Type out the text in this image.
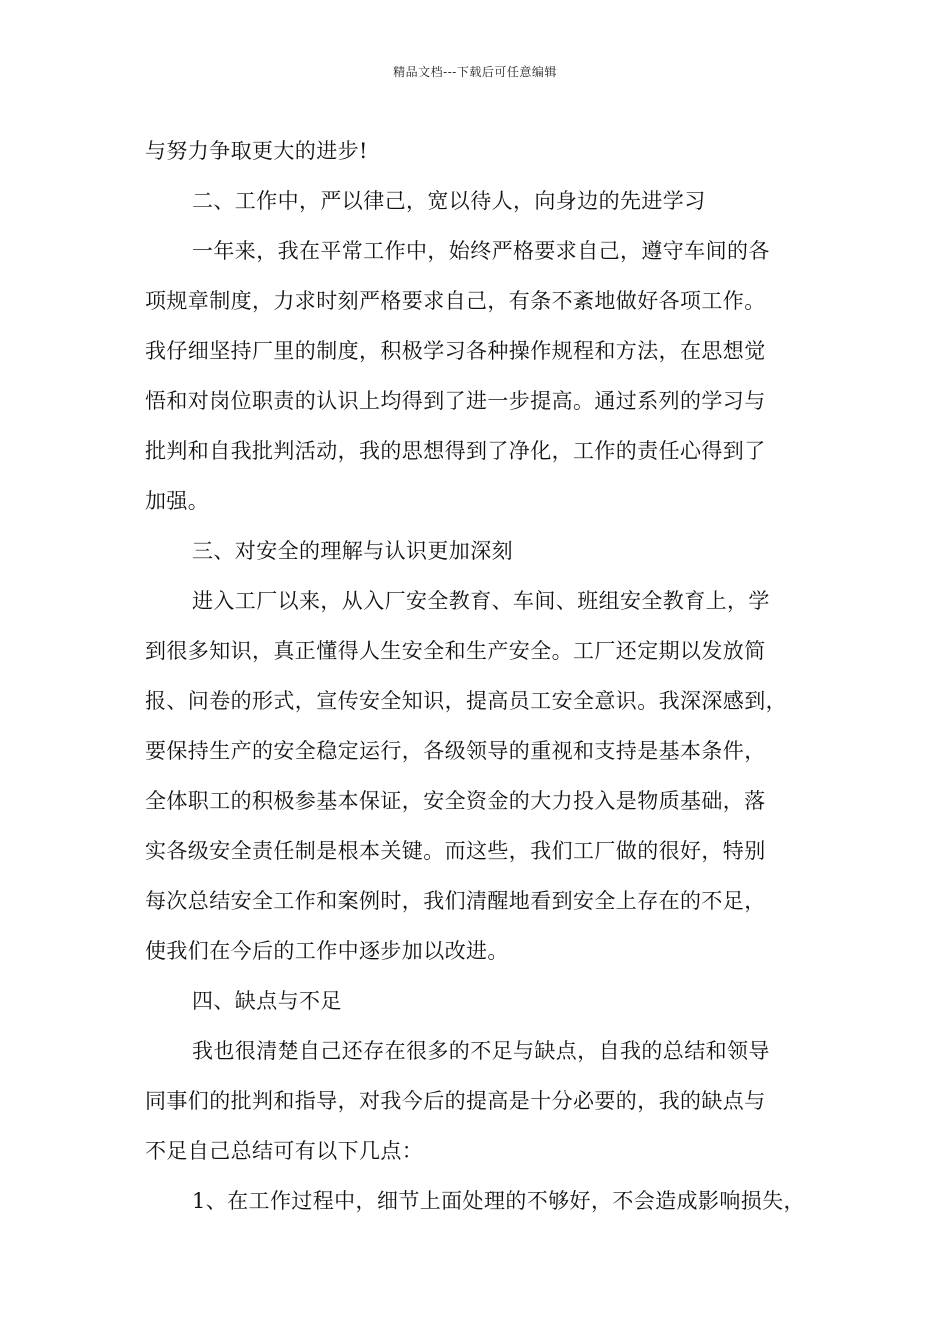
精品文档---下载后可任意编辑
与努力争取更大的进步!
二、工作中，严以律己，宽以待人，向身边的先进学习
一年来，我在平常工作中，始终严格要求自己，遵守车间的各
项规章制度，力求时刻严格要求自己，有条不紊地做好各项工作。
我仔细坚持厂里的制度，积极学习各种操作规程和方法，在思想觉
悟和对岗位职责的认识上均得到了进一步提高。通过系列的学习与
批判和自我批判活动，我的思想得到了净化，工作的责任心得到了
加强。
三、对安全的理解与认识更加深刻
进入工厂以来，从入厂安全教育、车间、班组安全教育上，学
到很多知识，真正懂得人生安全和生产安全。工厂还定期以发放简
报、问卷的形式，宣传安全知识，提高员工安全意识。我深深感到，
要保持生产的安全稳定运行，各级领导的重视和支持是基本条件，
全体职工的积极参基本保证，安全资金的大力投入是物质基础，落
实各级安全责任制是根本关键。而这些，我们工厂做的很好，特别
每次总结安全工作和案例时，我们清醒地看到安全上存在的不足，
使我们在今后的工作中逐步加以改进。
四、缺点与不足
我也很清楚自己还存在很多的不足与缺点，自我的总结和领导
同事们的批判和指导，对我今后的提高是十分必要的，我的缺点与
不足自己总结可有以下几点：
1、在工作过程中，细节上面处理的不够好，不会造成影响损失，
